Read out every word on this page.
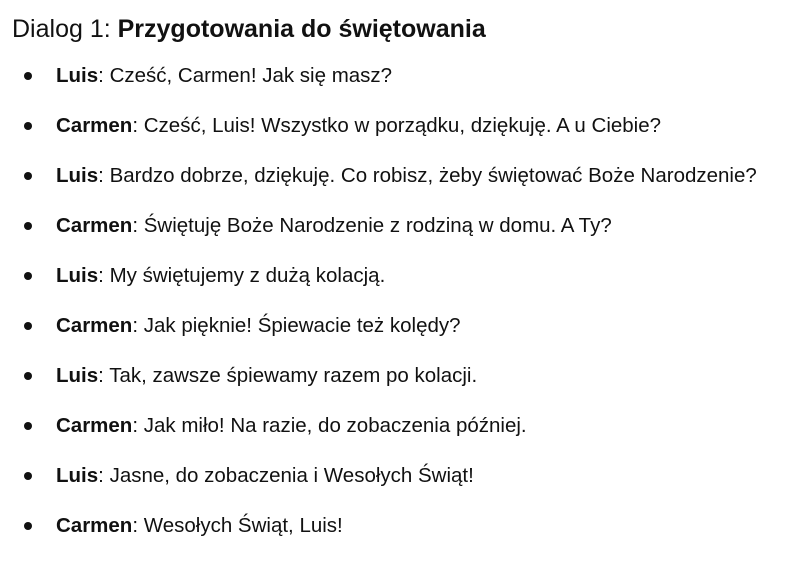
Dialog 1: Przygotowania do świętowania
Luis: Cześć, Carmen! Jak się masz?
Carmen: Cześć, Luis! Wszystko w porządku, dziękuję. A u Ciebie?
Luis: Bardzo dobrze, dziękuję. Co robisz, żeby świętować Boże Narodzenie?
Carmen: Świętuję Boże Narodzenie z rodziną w domu. A Ty?
Luis: My świętujemy z dużą kolacją.
Carmen: Jak pięknie! Śpiewacie też kolędy?
Luis: Tak, zawsze śpiewamy razem po kolacji.
Carmen: Jak miło! Na razie, do zobaczenia później.
Luis: Jasne, do zobaczenia i Wesołych Świąt!
Carmen: Wesołych Świąt, Luis!
